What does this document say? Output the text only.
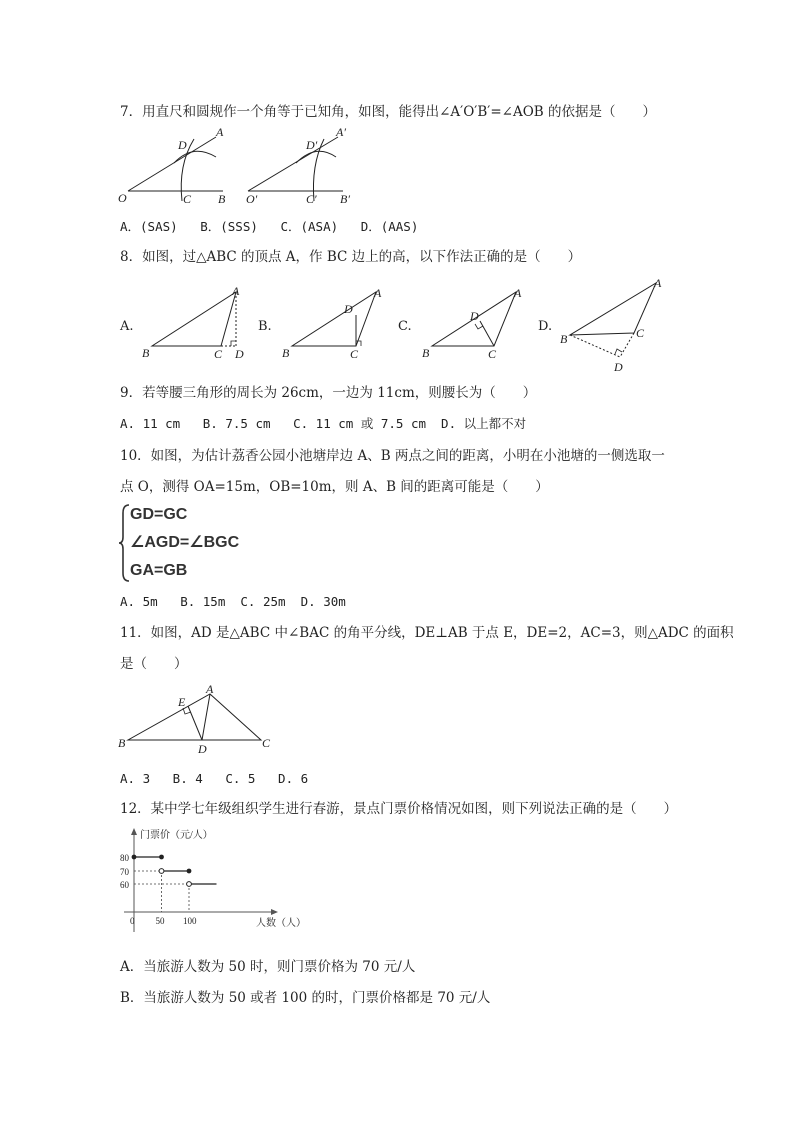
7．用直尺和圆规作一个角等于已知角，如图，能得出∠A′O′B′=∠AOB 的依据是（　　）
O
A
D
C B O′
A′
D′
C′ B′
A．(SAS)   B．(SSS)   C．(ASA)   D．(AAS)
8．如图，过△ABC 的顶点 A，作 BC 边上的高，以下作法正确的是（　　）
A.	B.	C.	D.
A
B	C D
A
D
B	C
A
D
B	C
A
B	C
D
9．若等腰三角形的周长为 26cm，一边为 11cm，则腰长为（　　）
A. 11 cm   B. 7.5 cm   C. 11 cm 或 7.5 cm  D. 以上都不对
10．如图，为估计荔香公园小池塘岸边 A、B 两点之间的距离，小明在小池塘的一侧选取一
点 O，测得 OA=15m，OB=10m，则 A、B 间的距离可能是（　　）
GD=GC
∠AGD=∠BGC
GA=GB
A. 5m   B. 15m  C. 25m  D. 30m
11．如图，AD 是△ABC 中∠BAC 的角平分线，DE⊥AB 于点 E，DE=2，AC=3，则△ADC 的面积
是（　　）
A
B	C
D
E
A. 3   B. 4   C. 5   D. 6
12．某中学七年级组织学生进行春游，景点门票价格情况如图，则下列说法正确的是（　　）
门票价（元/人）
人数（人）
60
70
80
0 50 100
A．当旅游人数为 50 时，则门票价格为 70 元/人
B．当旅游人数为 50 或者 100 的时，门票价格都是 70 元/人
